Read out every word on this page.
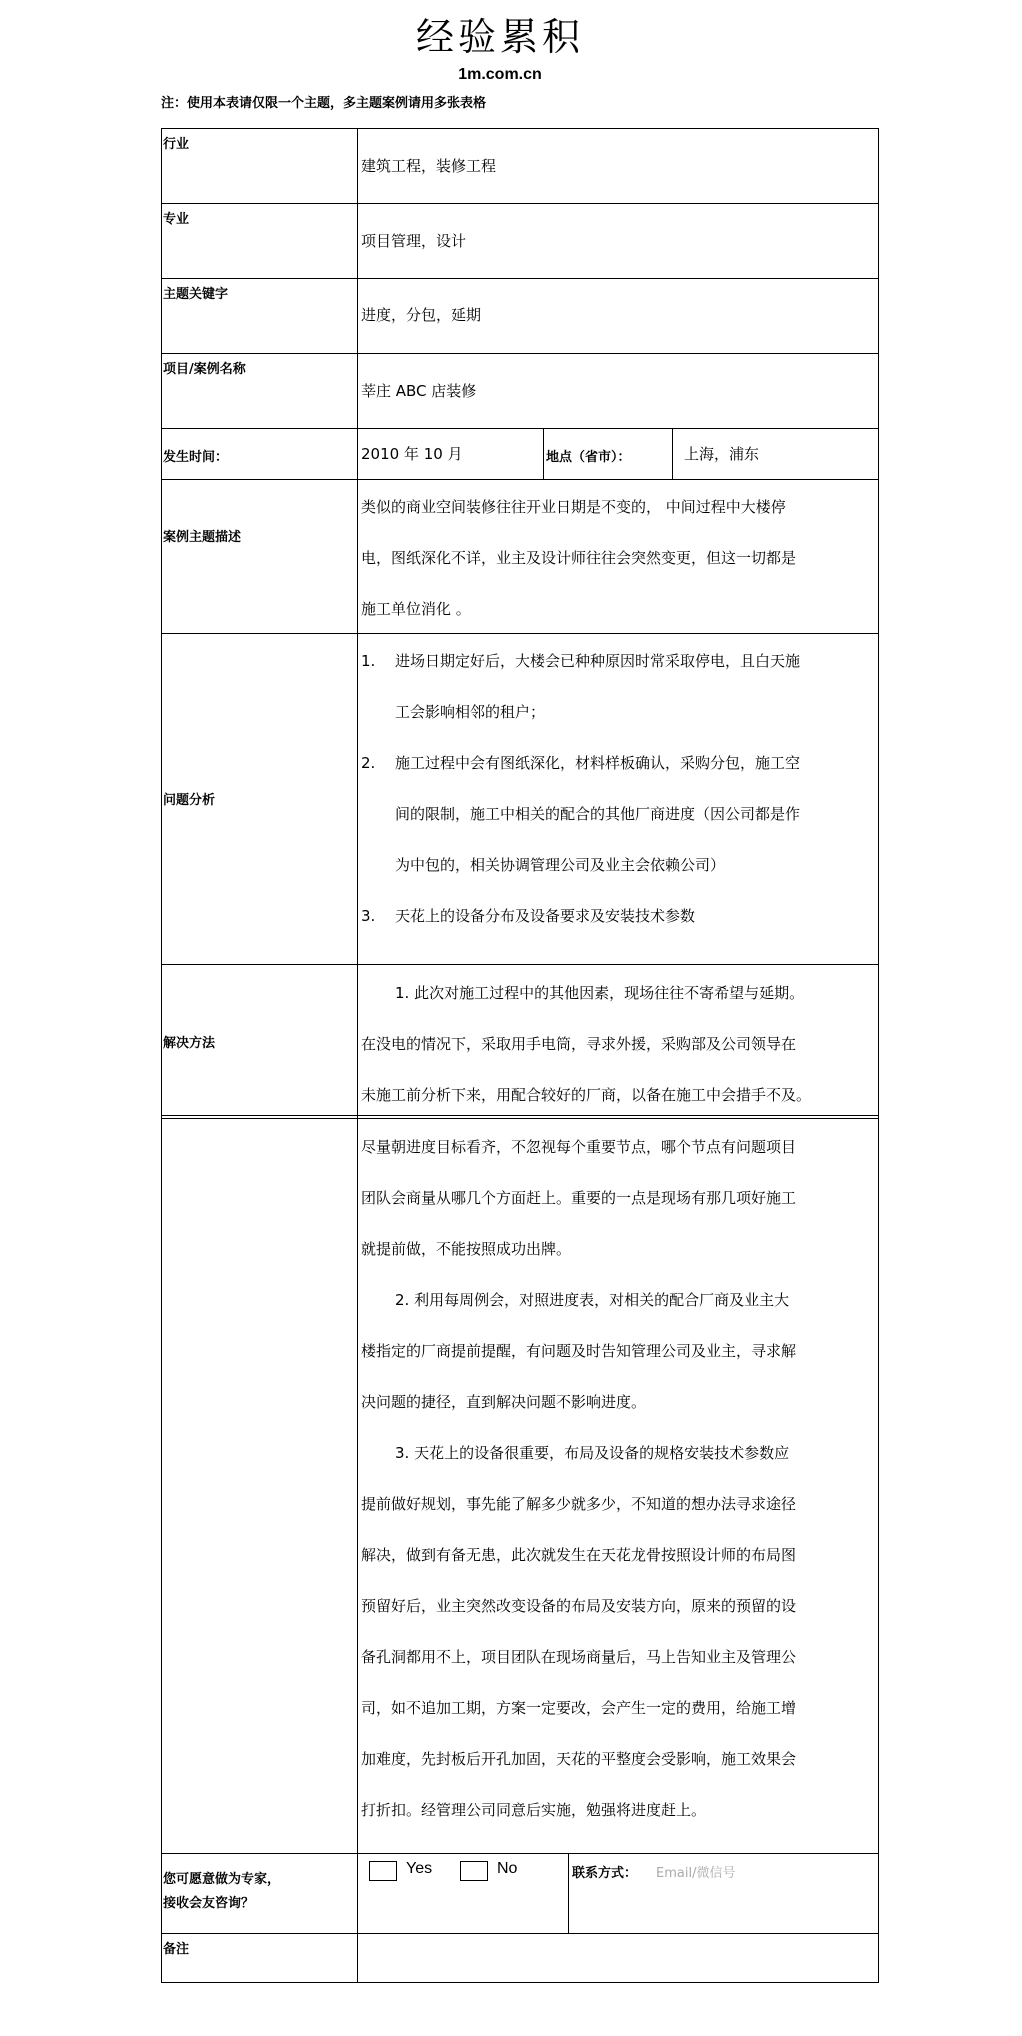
经验累积
1m.com.cn
注：使用本表请仅限一个主题，多主题案例请用多张表格
行业
建筑工程，装修工程
专业
项目管理，设计
主题关键字
进度，分包，延期
项目/案例名称
莘庄 ABC 店装修
发生时间：	2010 年 10 月	地点（省市）：	上海，浦东
案例主题描述

类似的商业空间装修往往开业日期是不变的， 中间过程中大楼停

电，图纸深化不详，业主及设计师往往会突然变更，但这一切都是

施工单位消化 。

问题分析
1. 进场日期定好后，大楼会已种种原因时常采取停电，且白天施
工会影响相邻的租户；
2. 施工过程中会有图纸深化，材料样板确认，采购分包，施工空
间的限制，施工中相关的配合的其他厂商进度（因公司都是作
为中包的，相关协调管理公司及业主会依赖公司）
3. 天花上的设备分布及设备要求及安装技术参数
解决方法

1. 此次对施工过程中的其他因素，现场往往不寄希望与延期。

在没电的情况下，采取用手电筒，寻求外援，采购部及公司领导在

未施工前分析下来，用配合较好的厂商，以备在施工中会措手不及。

尽量朝进度目标看齐，不忽视每个重要节点，哪个节点有问题项目

团队会商量从哪几个方面赶上。重要的一点是现场有那几项好施工

就提前做，不能按照成功出牌。

2. 利用每周例会，对照进度表，对相关的配合厂商及业主大

楼指定的厂商提前提醒，有问题及时告知管理公司及业主，寻求解

决问题的捷径，直到解决问题不影响进度。

3. 天花上的设备很重要，布局及设备的规格安装技术参数应

提前做好规划，事先能了解多少就多少，不知道的想办法寻求途径

解决，做到有备无患，此次就发生在天花龙骨按照设计师的布局图

预留好后，业主突然改变设备的布局及安装方向，原来的预留的设

备孔洞都用不上，项目团队在现场商量后，马上告知业主及管理公

司，如不追加工期，方案一定要改，会产生一定的费用，给施工增

加难度，先封板后开孔加固，天花的平整度会受影响，施工效果会

打折扣。经管理公司同意后实施，勉强将进度赶上。

您可愿意做为专家，
接收会友咨询？
Yes	No	联系方式： Email/微信号
备注
